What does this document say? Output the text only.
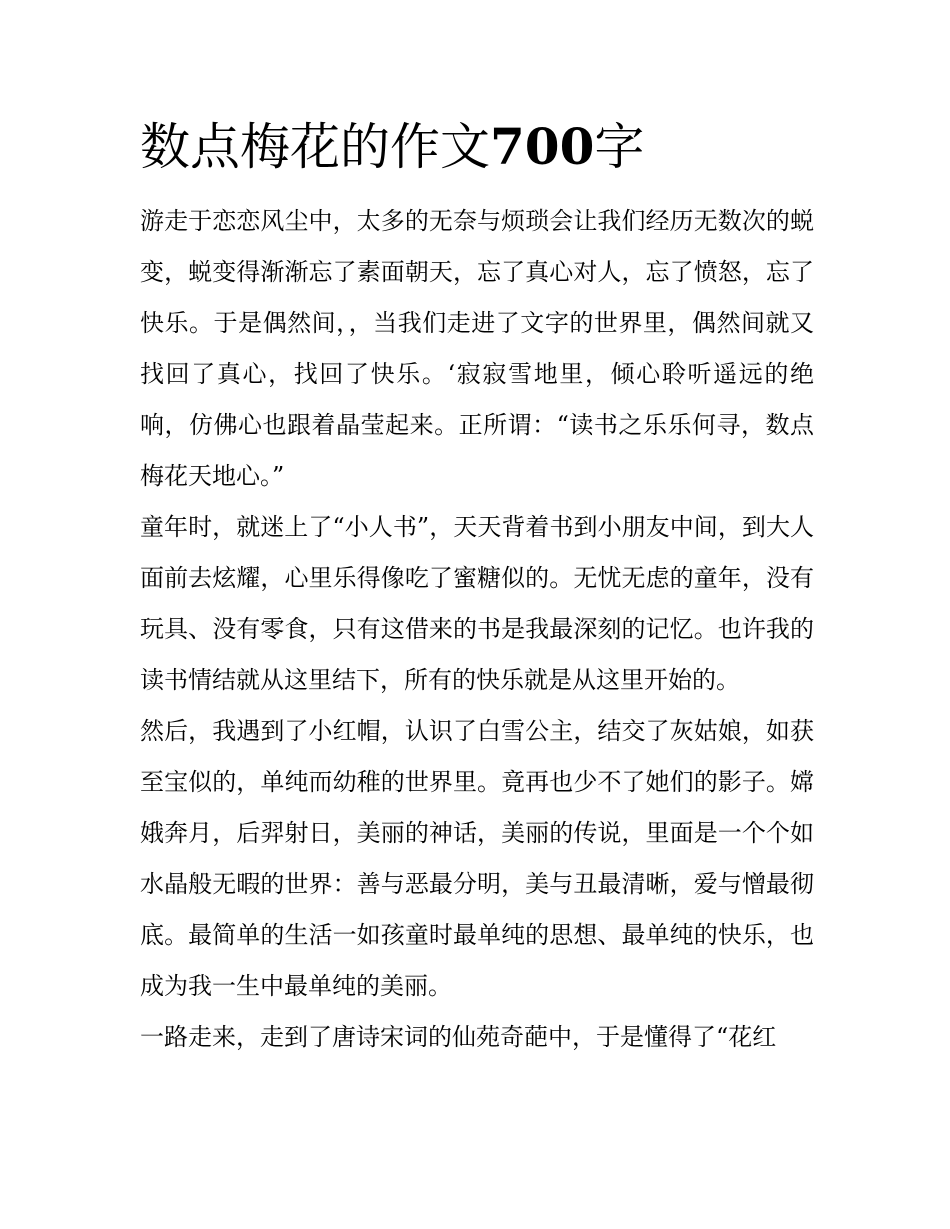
数点梅花的作文700字

游走于恋恋风尘中，太多的无奈与烦琐会让我们经历无数次的蜕变，蜕变得渐渐忘了素面朝天，忘了真心对人，忘了愤怒，忘了快乐。于是偶然间，，当我们走进了文字的世界里，偶然间就又找回了真心，找回了快乐。‘寂寂雪地里，倾心聆听遥远的绝响，仿佛心也跟着晶莹起来。正所谓：“读书之乐乐何寻，数点梅花天地心。”

童年时，就迷上了“小人书”，天天背着书到小朋友中间，到大人面前去炫耀，心里乐得像吃了蜜糖似的。无忧无虑的童年，没有玩具、没有零食，只有这借来的书是我最深刻的记忆。也许我的读书情结就从这里结下，所有的快乐就是从这里开始的。

然后，我遇到了小红帽，认识了白雪公主，结交了灰姑娘，如获至宝似的，单纯而幼稚的世界里。竟再也少不了她们的影子。嫦娥奔月，后羿射日，美丽的神话，美丽的传说，里面是一个个如水晶般无暇的世界：善与恶最分明，美与丑最清晰，爱与憎最彻底。最简单的生活一如孩童时最单纯的思想、最单纯的快乐，也成为我一生中最单纯的美丽。

一路走来，走到了唐诗宋词的仙苑奇葩中，于是懂得了“花红
